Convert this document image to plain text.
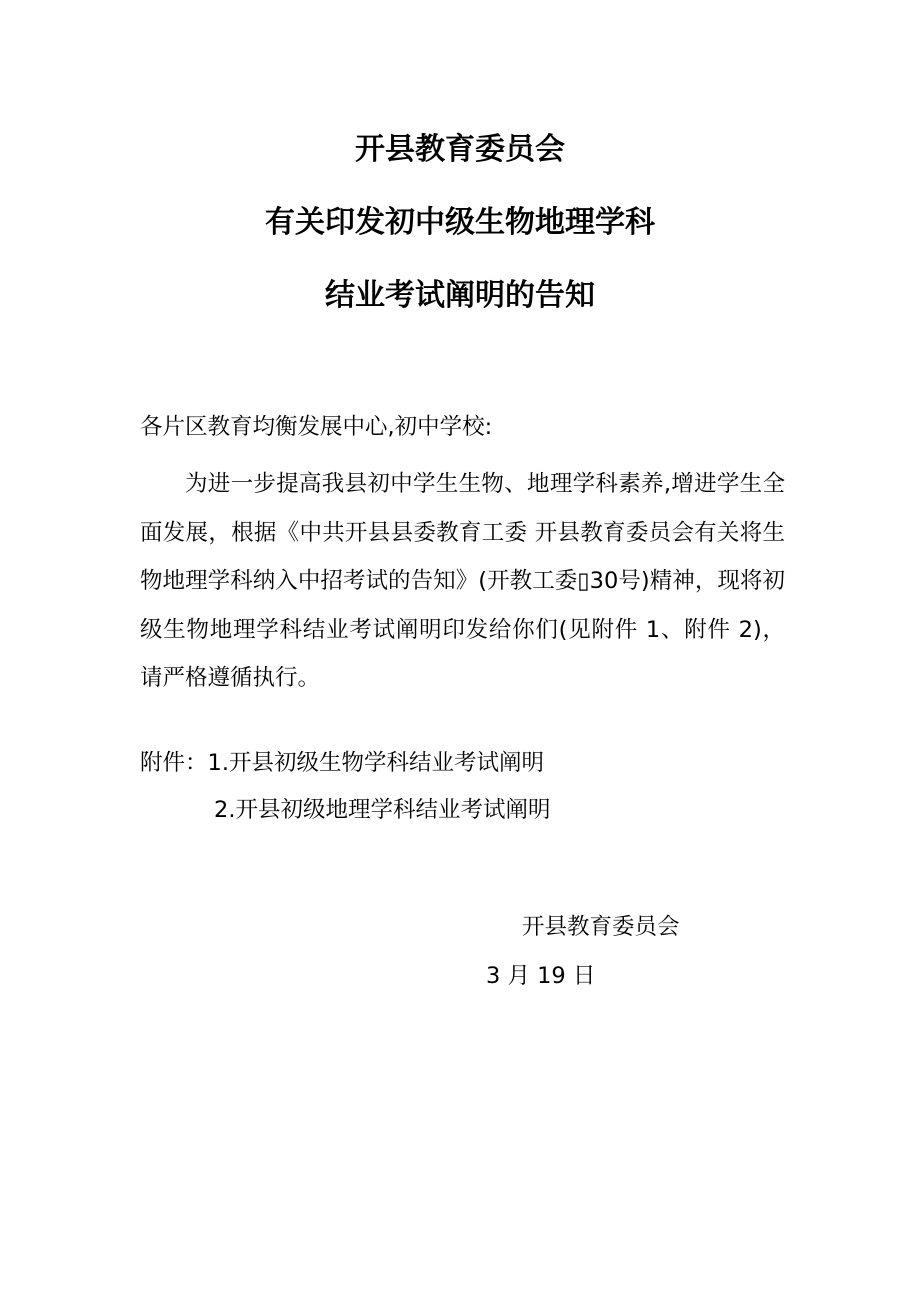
开县教育委员会
有关印发初中级生物地理学科
结业考试阐明的告知
各片区教育均衡发展中心,初中学校:
为进一步提高我县初中学生生物、地理学科素养,增进学生全面发展，根据《中共开县县委教育工委 开县教育委员会有关将生物地理学科纳入中招考试的告知》(开教工委▯30号)精神，现将初级生物地理学科结业考试阐明印发给你们(见附件 1、附件 2)，请严格遵循执行。
附件：1.开县初级生物学科结业考试阐明
2.开县初级地理学科结业考试阐明
开县教育委员会
3 月 19 日
